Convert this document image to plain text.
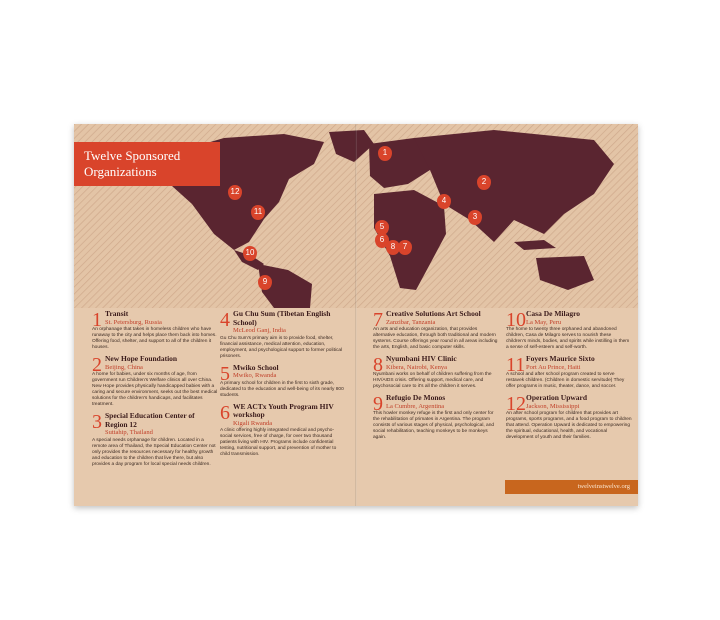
1
2
3
4
5
6
7
8
9
10
11
12
Twelve Sponsored
Organizations
1 Transit
St. Petersburg, Russia
An orphanage that takes in homeless children who have runaway to the city and helps place them back into homes. Offering food, shelter, and support to all of the children it houses.
2 New Hope Foundation
Beijing, China
A home for babies, under six months of age, from government run Children's Welfare clinics all over China. New Hope provides physically handicapped babies with a caring and secure environment, seeks out the best medical solutions for the children's handicaps, and facilitates treatment.
3 Special Education Center of Region 12
Suttahip, Thailand
A special needs orphanage for children. Located in a remote area of Thailand, the Special Education Center not only provides the resources necessary for healthy growth and education to the children that live there, but also provides a day program for local special needs children.
4 Gu Chu Sum (Tibetan English School)
McLeod Ganj, India
Gu Chu Sum's primary aim is to provide food, shelter, financial assistance, medical attention, education, employment, and psychological support to former political prisoners.
5 Mwiko School
Mwiko, Rwanda
A primary school for children in the first to sixth grade, dedicated to the education and well-being of its nearly 800 students.
6 WE ACTx Youth Program HIV workshop
Kigali Rwanda
A clinic offering highly integrated medical and psycho-social services, free of charge, for over two thousand patients living with HIV. Programs include confidential testing, nutritional support, and prevention of mother to child transmission.
7 Creative Solutions Art School
Zanzibar, Tanzania
An arts and education organization, that provides alternative education, through both traditional and modern systems. Course offerings year round in all areas including the arts, English, and basic computer skills.
8 Nyumbani HIV Clinic
Kibera, Nairobi, Kenya
Nyumbani works on behalf of children suffering from the HIV/AIDS crisis. Offering support, medical care, and psychosocial care to it's all the children it serves.
9 Refugio De Monos
La Cumbre, Argentina
This howler monkey refuge is the first and only center for the rehabilitation of primates in Argentina. The program consists of various stages of physical, psychological, and social rehabilitation, teaching monkeys to be monkeys again.
10 Casa De Milagro
La May, Peru
The home to twenty three orphaned and abandoned children, Casa de Milagro serves to nourish these children's minds, bodies, and spirits while instilling in them a sense of self-esteem and self-worth.
11 Foyers Maurice Sixto
Port Au Prince, Haiti
A school and after school program created to serve restavek children. (Children in domestic servitude) They offer programs in music, theater, dance, and soccer.
12 Operation Upward
Jackson, Mississippi
An after school program for children that provides art programs, sports programs, and a food program to children that attend. Operation Upward is dedicated to empowering the spiritual, educational, health, and vocational development of youth and their families.
twelveinstwelve.org
